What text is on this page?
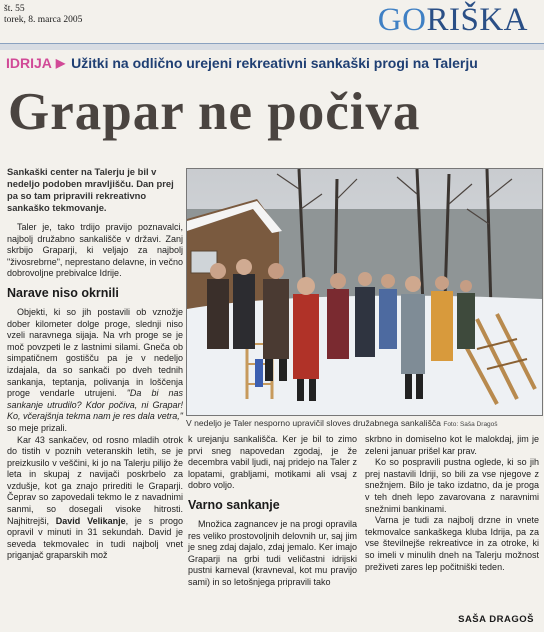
št. 55
torek, 8. marca 2005	GORIŠKA
IDRIJA ▶ Užitki na odlično urejeni rekreativni sankaški progi na Talerju
Grapar ne počiva
Sankaški center na Talerju je bil v nedeljo podoben mravljišču. Dan prej pa so tam pripravili rekreativno sankaško tekmovanje.

Taler je, tako trdijo pravijo poznavalci, najbolj družabno sankališče v državi. Zanj skrbijo Graparji, ki veljajo za najbolj "živosrebrne", neprestano delavne, in večno dobrovoljne prebivalce Idrije.

Narave niso okrnili

Objekti, ki so jih postavili ob vznožje dober kilometer dolge proge, slednji niso vzeli naravnega sijaja. Na vrh proge se je moč povzpeti le z lastnimi silami. Gneča ob simpatičnem gostišču pa je v nedeljo izdajala, da so sankači po dveh tednih sankanja, teptanja, polivanja in loščenja proge vendarle utrujeni. "Da bi nas sankanje utrudilo? Kdor počiva, ni Grapar! Ko, včerajšnja tekma nam je res dala vetra," so meje prizali.

Kar 43 sankačev, od rosno mladih otrok do tistih v poznih veteranskih letih, se je preizkusilo v veščini, ki jo na Talerju pilijo že leta in skupaj z navijači poskrbelo za vzdušje, kot ga znajo prirediti le Graparji. Čeprav so zapovedali tekmo le z navadnimi sanmi, so dosegali visoke hitrosti. Najhitrejši, David Velikanje, je s progo opravil v minuti in 31 sekundah. David je seveda tekmovalec in tudi najbolj vnet priganjač graparskih mož

V nedeljo je Taler nesporno upravičil sloves družabnega sankališča Foto: Saša Dragoš

k urejanju sankališča. Ker je bil to zimo prvi sneg napovedan zgodaj, je že decembra vabil ljudi, naj pridejo na Taler z lopatami, grabljami, motikami ali vsaj z dobro voljo.

Varno sankanje

Množica zagnancev je na progi opravila res veliko prostovoljnih delovnih ur, saj jim je sneg zdaj dajalo, zdaj jemalo. Ker imajo Graparji na grbi tudi veličastni idrijski pustni karneval (kravneval, kot mu pravijo sami) in so letošnjega pripravili tako

skrbno in domiselno kot le malokdaj, jim je zeleni januar prišel kar prav.

Ko so pospravili pustna oglede, ki so jih prej nastavili Idriji, so bili za vse njegove z snežnjem. Bilo je tako izdatno, da je proga v teh dneh lepo zavarovana z naravnimi snežnimi bankinami.

Varna je tudi za najbolj drzne in vnete tekmovalce sankaškega kluba Idrija, pa za vse številnejše rekreativce in za otroke, ki so imeli v minulih dneh na Talerju možnost preživeti zares lep počitniški teden.

SAŠA DRAGOŠ
